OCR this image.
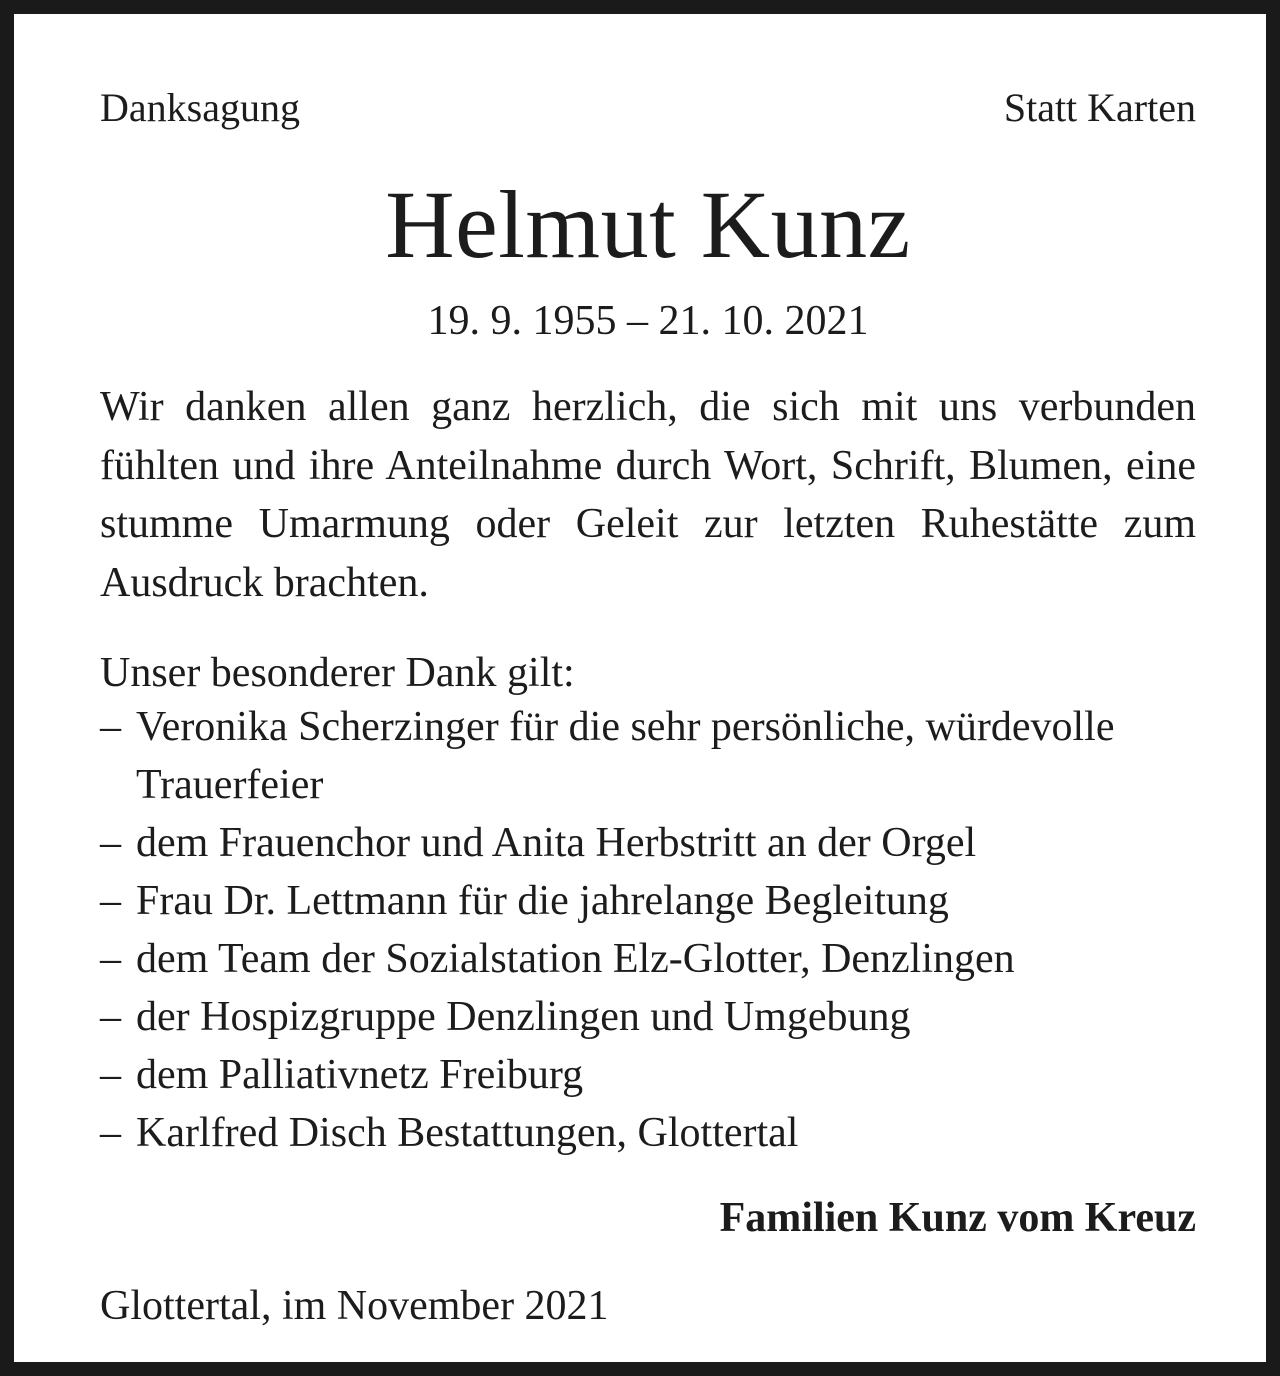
Danksagung	Statt Karten
Helmut Kunz
19. 9. 1955 – 21. 10. 2021
Wir danken allen ganz herzlich, die sich mit uns verbunden fühlten und ihre Anteilnahme durch Wort, Schrift, Blumen, eine stumme Umarmung oder Geleit zur letzten Ruhestätte zum Ausdruck brachten.
Unser besonderer Dank gilt:
– Veronika Scherzinger für die sehr persönliche, würdevolle Trauerfeier
– dem Frauenchor und Anita Herbstritt an der Orgel
– Frau Dr. Lettmann für die jahrelange Begleitung
– dem Team der Sozialstation Elz-Glotter, Denzlingen
– der Hospizgruppe Denzlingen und Umgebung
– dem Palliativnetz Freiburg
– Karlfred Disch Bestattungen, Glottertal
Familien Kunz vom Kreuz
Glottertal, im November 2021
